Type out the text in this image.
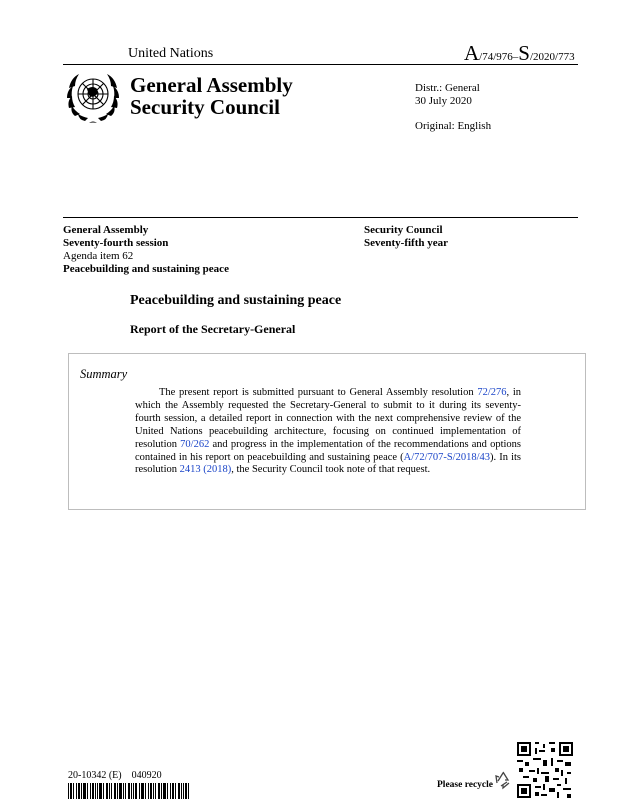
United Nations	A/74/976–S/2020/773
General Assembly
Security Council
Distr.: General
30 July 2020
Original: English
General Assembly
Seventy-fourth session
Agenda item 62
Peacebuilding and sustaining peace
Security Council
Seventy-fifth year
Peacebuilding and sustaining peace
Report of the Secretary-General
Summary
The present report is submitted pursuant to General Assembly resolution 72/276, in which the Assembly requested the Secretary-General to submit to it during its seventy-fourth session, a detailed report in connection with the next comprehensive review of the United Nations peacebuilding architecture, focusing on continued implementation of resolution 70/262 and progress in the implementation of the recommendations and options contained in his report on peacebuilding and sustaining peace (A/72/707-S/2018/43). In its resolution 2413 (2018), the Security Council took note of that request.
20-10342 (E)    040920
Please recycle
